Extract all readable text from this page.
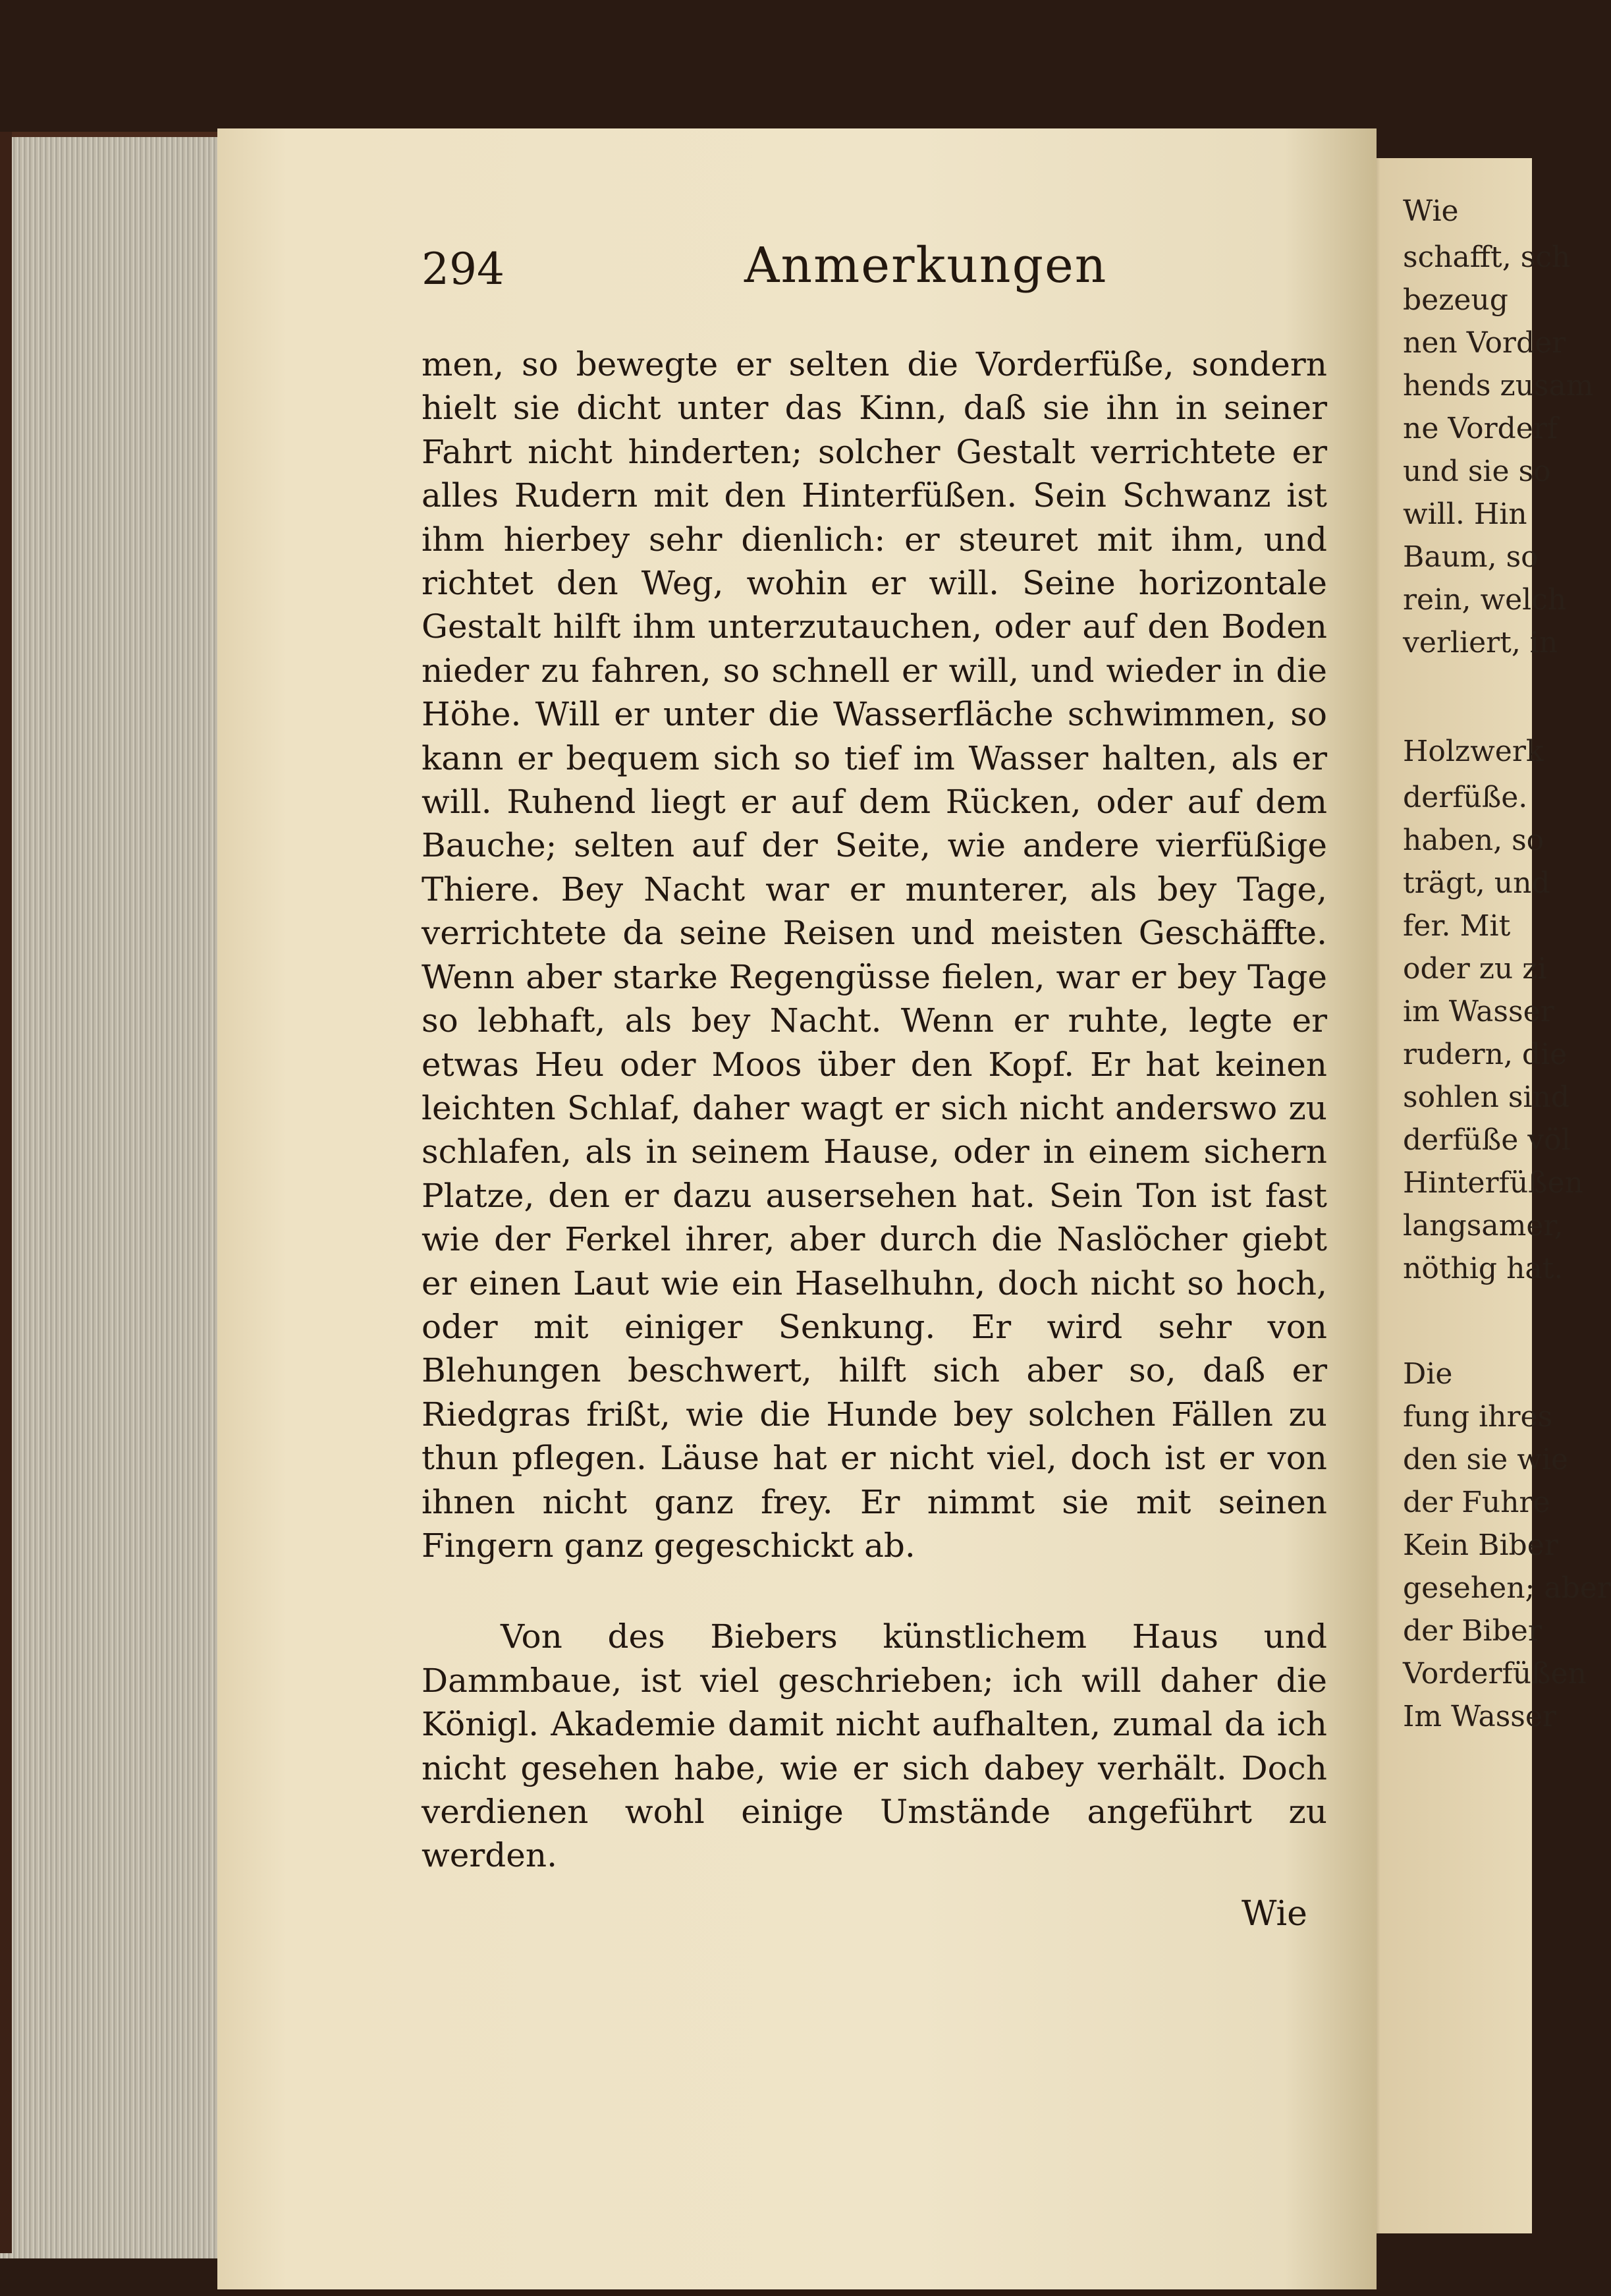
Wie
schafft, sch
bezeug
nen Vorder
hends zusam
ne Vorderf
und sie so
will. Hin
Baum, so
rein, welch
verliert, in
Holzwerk
derfüße.
haben, so
trägt, und
fer. Mit
oder zu zi
im Wasser
rudern, die
sohlen sind
derfüße völ
Hinterfüßen
langsamer,
nöthig hat.
Die
fung ihres
den sie wie
der Fuhre
Kein Biber
gesehen; aber
der Biber
Vorderfüßen
Im Wasser
294	Anmerkungen

men, so bewegte er selten die Vorderfüße, sondern hielt sie dicht unter das Kinn, daß sie ihn in seiner Fahrt nicht hinderten; solcher Gestalt verrichtete er alles Rudern mit den Hinterfüßen. Sein Schwanz ist ihm hierbey sehr dienlich: er steuret mit ihm, und richtet den Weg, wohin er will. Seine horizontale Gestalt hilft ihm unterzutauchen, oder auf den Boden nieder zu fahren, so schnell er will, und wieder in die Höhe. Will er unter die Wasserfläche schwimmen, so kann er bequem sich so tief im Wasser halten, als er will. Ruhend liegt er auf dem Rücken, oder auf dem Bauche; selten auf der Seite, wie andere vierfüßige Thiere. Bey Nacht war er munterer, als bey Tage, verrichtete da seine Reisen und meisten Geschäffte. Wenn aber starke Regengüsse fielen, war er bey Tage so lebhaft, als bey Nacht. Wenn er ruhte, legte er etwas Heu oder Moos über den Kopf. Er hat keinen leichten Schlaf, daher wagt er sich nicht anderswo zu schlafen, als in seinem Hause, oder in einem sichern Platze, den er dazu ausersehen hat. Sein Ton ist fast wie der Ferkel ihrer, aber durch die Naslöcher giebt er einen Laut wie ein Haselhuhn, doch nicht so hoch, oder mit einiger Senkung. Er wird sehr von Blehungen beschwert, hilft sich aber so, daß er Riedgras frißt, wie die Hunde bey solchen Fällen zu thun pflegen. Läuse hat er nicht viel, doch ist er von ihnen nicht ganz frey. Er nimmt sie mit seinen Fingern ganz gegeschickt ab.

Von des Biebers künstlichem Haus und Dammbaue, ist viel geschrieben; ich will daher die Königl. Akademie damit nicht aufhalten, zumal da ich nicht gesehen habe, wie er sich dabey verhält. Doch verdienen wohl einige Umstände angeführt zu werden.

Wie
